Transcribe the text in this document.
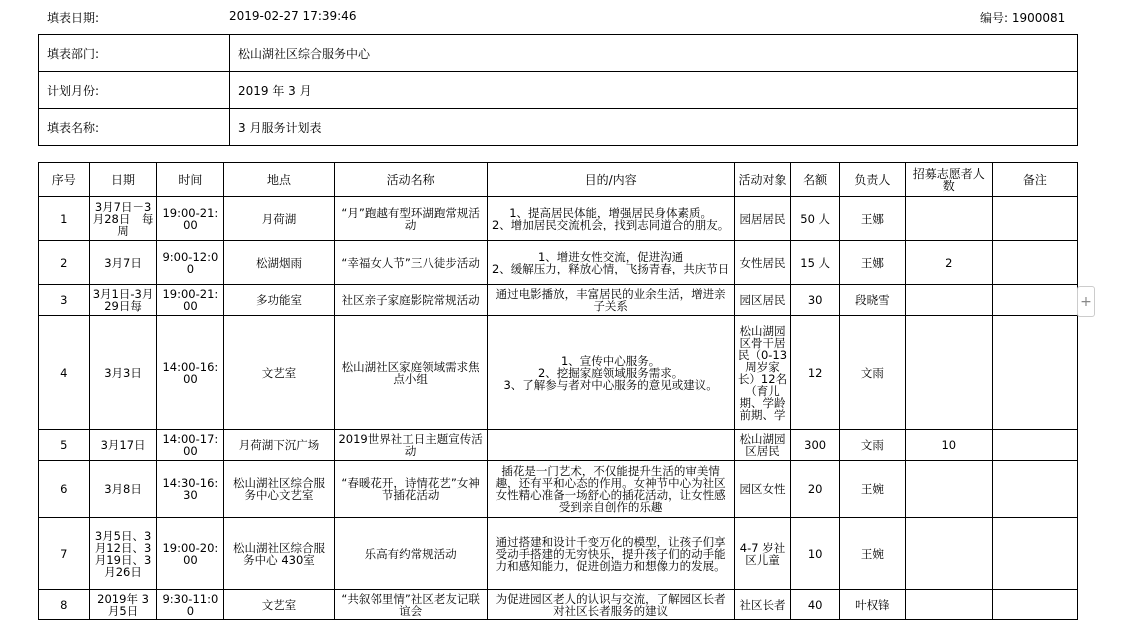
填表日期:	2019-02-27 17:39:46	编号: 1900081
填表部门:	松山湖社区综合服务中心
计划月份:	2019 年 3 月
填表名称:	3 月服务计划表
序号	日期	时间	地点	活动名称	目的/内容	活动对象	名额	负责人	招募志愿者人数	备注

1	3月7日－3月28日　每周	19:00-21:00	月荷湖	“月”跑越有型环湖跑常规活动	1、提高居民体能，增强居民身体素质。
2、增加居民交流机会，找到志同道合的朋友。	园居居民	50 人	王娜		

2	3月7日	9:00-12:00	松湖烟雨	“幸福女人节”三八徒步活动	1、增进女性交流，促进沟通
2、缓解压力，释放心情，飞扬青春，共庆节日	女性居民	15 人	王娜	2	

3	3月1日-3月29日每	19:00-21:00	多功能室	社区亲子家庭影院常规活动	通过电影播放，丰富居民的业余生活，增进亲子关系	园区居民	30	段晓雪		

4	3月3日	14:00-16:00	文艺室	松山湖社区家庭领域需求焦点小组	1、宣传中心服务。
2、挖掘家庭领域服务需求。
3、了解参与者对中心服务的意见或建议。	松山湖园区骨干居民（0-13周岁家长）12名（育儿期、学龄前期、学	12	文雨		

5	3月17日	14:00-17:00	月荷湖下沉广场	2019世界社工日主题宣传活动		松山湖园区居民	300	文雨	10	

6	3月8日	14:30-16:30	松山湖社区综合服务中心文艺室	“春暖花开，诗情花艺”女神节插花活动	插花是一门艺术，不仅能提升生活的审美情趣，还有平和心态的作用。女神节中心为社区女性精心准备一场舒心的插花活动，让女性感受到亲自创作的乐趣	园区女性	20	王婉		

7	3月5日、3月12日、3月19日、3月26日	19:00-20:00	松山湖社区综合服务中心 430室	乐高有约常规活动	通过搭建和设计千变万化的模型，让孩子们享受动手搭建的无穷快乐，提升孩子们的动手能力和感知能力，促进创造力和想像力的发展。	4-7 岁社区儿童	10	王婉		

8	2019年 3月5日	9:30-11:00	文艺室	“共叙邻里情”社区老友记联谊会	为促进园区老人的认识与交流，了解园区长者对社区长者服务的建议	社区长者	40	叶权锋		

+
